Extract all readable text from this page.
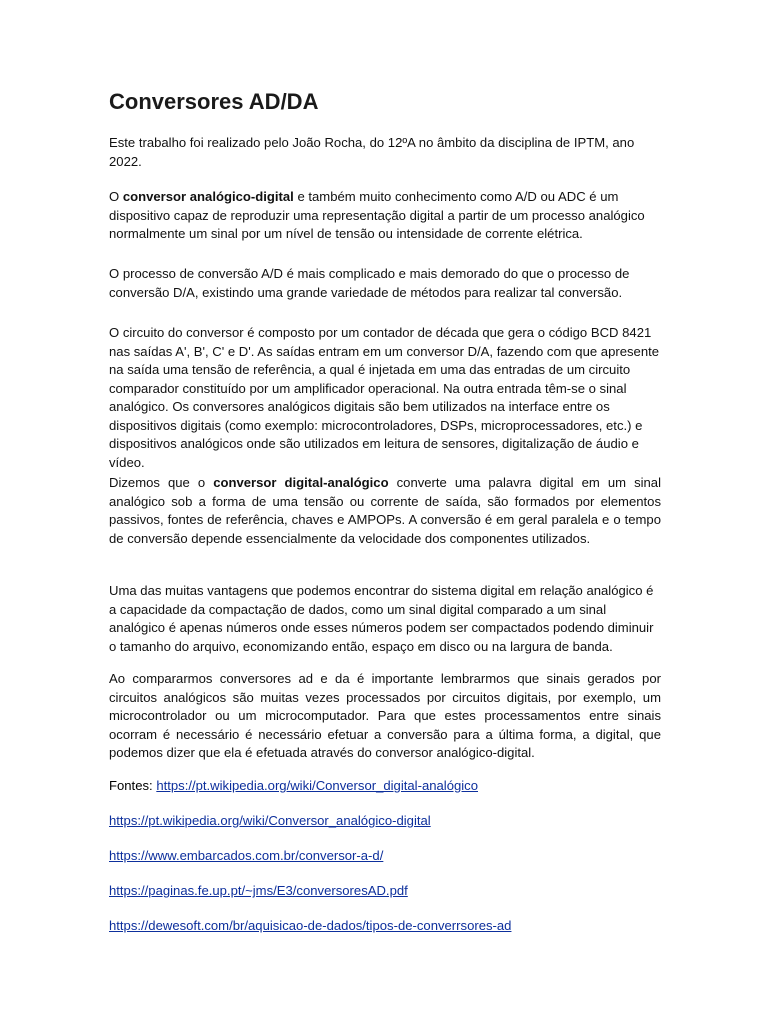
Conversores AD/DA

Este trabalho foi realizado pelo João Rocha, do 12ºA no âmbito da disciplina de IPTM, ano 2022.

O conversor analógico-digital e também muito conhecimento como A/D ou ADC é um dispositivo capaz de reproduzir uma representação digital a partir de um processo analógico normalmente um sinal por um nível de tensão ou intensidade de corrente elétrica.

O processo de conversão A/D é mais complicado e mais demorado do que o processo de conversão D/A, existindo uma grande variedade de métodos para realizar tal conversão.

O circuito do conversor é composto por um contador de década que gera o código BCD 8421 nas saídas A', B', C' e D'. As saídas entram em um conversor D/A, fazendo com que apresente na saída uma tensão de referência, a qual é injetada em uma das entradas de um circuito comparador constituído por um amplificador operacional. Na outra entrada têm-se o sinal analógico. Os conversores analógicos digitais são bem utilizados na interface entre os dispositivos digitais (como exemplo: microcontroladores, DSPs, microprocessadores, etc.) e dispositivos analógicos onde são utilizados em leitura de sensores, digitalização de áudio e vídeo.

Dizemos que o conversor digital-analógico converte uma palavra digital em um sinal analógico sob a forma de uma tensão ou corrente de saída, são formados por elementos passivos, fontes de referência, chaves e AMPOPs. A conversão é em geral paralela e o tempo de conversão depende essencialmente da velocidade dos componentes utilizados.

Uma das muitas vantagens que podemos encontrar do sistema digital em relação analógico é a capacidade da compactação de dados, como um sinal digital comparado a um sinal analógico é apenas números onde esses números podem ser compactados podendo diminuir o tamanho do arquivo, economizando então, espaço em disco ou na largura de banda.

Ao compararmos conversores ad e da é importante lembrarmos que sinais gerados por circuitos analógicos são muitas vezes processados por circuitos digitais, por exemplo, um microcontrolador ou um microcomputador. Para que estes processamentos entre sinais ocorram é necessário é necessário efetuar a conversão para a última forma, a digital, que podemos dizer que ela é efetuada através do conversor analógico-digital.

Fontes: https://pt.wikipedia.org/wiki/Conversor_digital-analógico

https://pt.wikipedia.org/wiki/Conversor_analógico-digital

https://www.embarcados.com.br/conversor-a-d/

https://paginas.fe.up.pt/~jms/E3/conversoresAD.pdf

https://dewesoft.com/br/aquisicao-de-dados/tipos-de-converrsores-ad
